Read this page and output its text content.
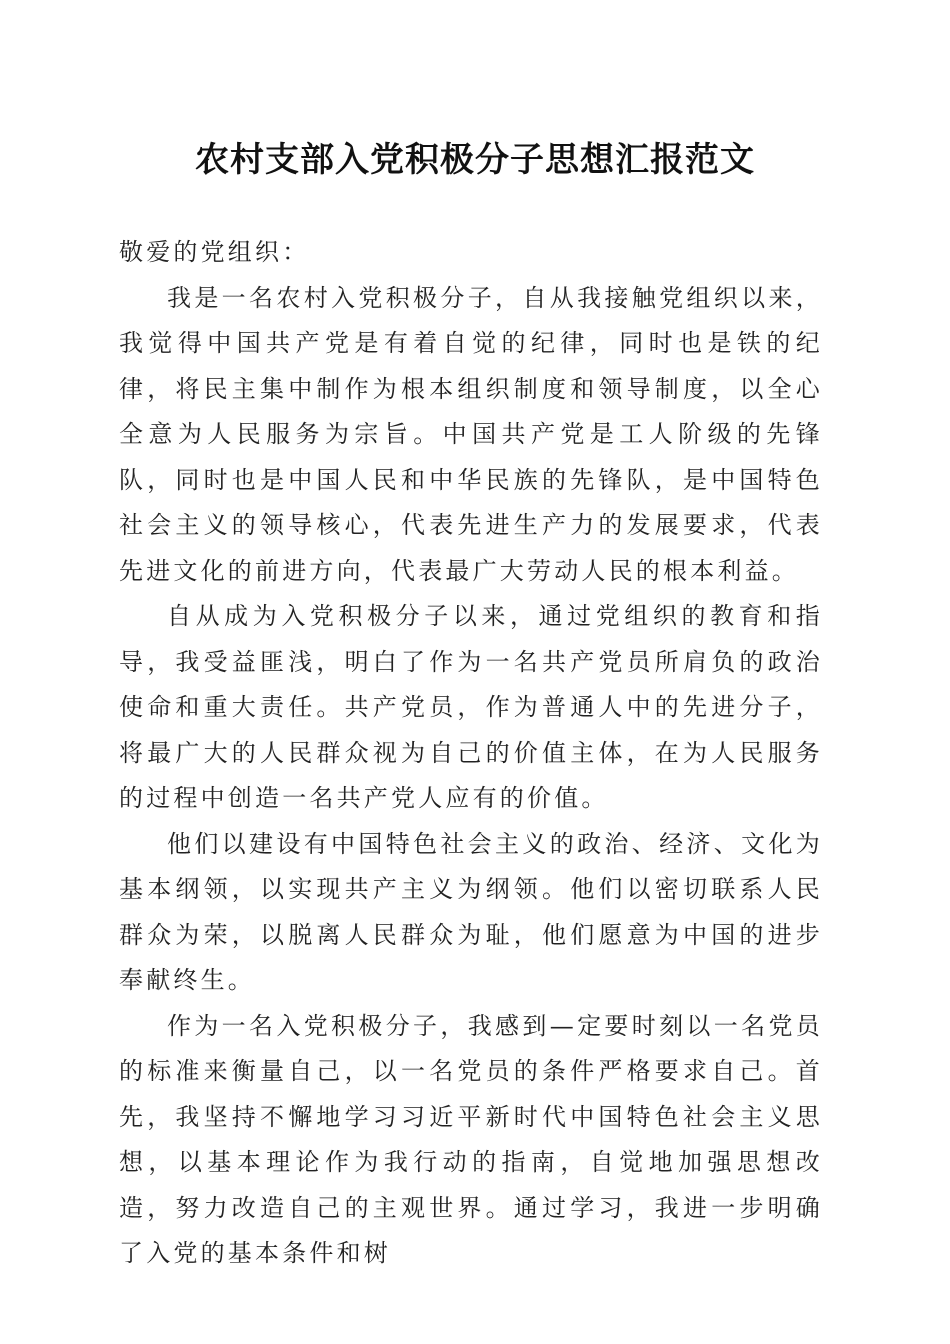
农村支部入党积极分子思想汇报范文

敬爱的党组织：

我是一名农村入党积极分子，自从我接触党组织以来，我觉得中国共产党是有着自觉的纪律，同时也是铁的纪律，将民主集中制作为根本组织制度和领导制度，以全心全意为人民服务为宗旨。中国共产党是工人阶级的先锋队，同时也是中国人民和中华民族的先锋队，是中国特色社会主义的领导核心，代表先进生产力的发展要求，代表先进文化的前进方向，代表最广大劳动人民的根本利益。

自从成为入党积极分子以来，通过党组织的教育和指导，我受益匪浅，明白了作为一名共产党员所肩负的政治使命和重大责任。共产党员，作为普通人中的先进分子，将最广大的人民群众视为自己的价值主体，在为人民服务的过程中创造一名共产党人应有的价值。

他们以建设有中国特色社会主义的政治、经济、文化为基本纲领，以实现共产主义为纲领。他们以密切联系人民群众为荣，以脱离人民群众为耻，他们愿意为中国的进步奉献终生。

作为一名入党积极分子，我感到—定要时刻以一名党员的标准来衡量自己，以一名党员的条件严格要求自己。首先，我坚持不懈地学习习近平新时代中国特色社会主义思想，以基本理论作为我行动的指南，自觉地加强思想改造，努力改造自己的主观世界。通过学习，我进一步明确了入党的基本条件和树
